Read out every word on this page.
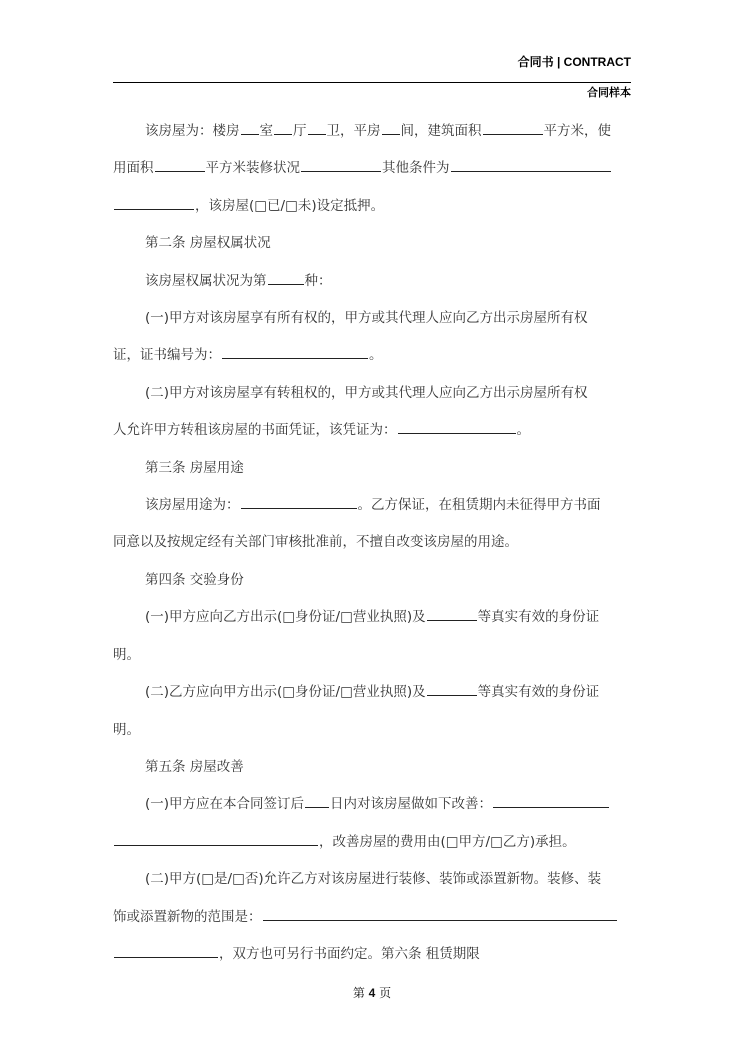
合同书 | CONTRACT
合同样本

该房屋为：楼房 室 厅 卫，平房 间，建筑面积	平方米，使

用面积	平方米装修状况	其他条件为

，该房屋(□已/□未)设定抵押。

第二条 房屋权属状况

该房屋权属状况为第	种：

(一)甲方对该房屋享有所有权的，甲方或其代理人应向乙方出示房屋所有权

证，证书编号为：	。

(二)甲方对该房屋享有转租权的，甲方或其代理人应向乙方出示房屋所有权

人允许甲方转租该房屋的书面凭证，该凭证为：	。

第三条 房屋用途

该房屋用途为：	。乙方保证，在租赁期内未征得甲方书面

同意以及按规定经有关部门审核批准前，不擅自改变该房屋的用途。

第四条 交验身份

(一)甲方应向乙方出示(□身份证/□营业执照)及	等真实有效的身份证

明。

(二)乙方应向甲方出示(□身份证/□营业执照)及	等真实有效的身份证

明。

第五条 房屋改善

(一)甲方应在本合同签订后 日内对该房屋做如下改善：

，改善房屋的费用由(□甲方/□乙方)承担。

(二)甲方(□是/□否)允许乙方对该房屋进行装修、装饰或添置新物。装修、装

饰或添置新物的范围是：

，双方也可另行书面约定。第六条 租赁期限

第 4 页
